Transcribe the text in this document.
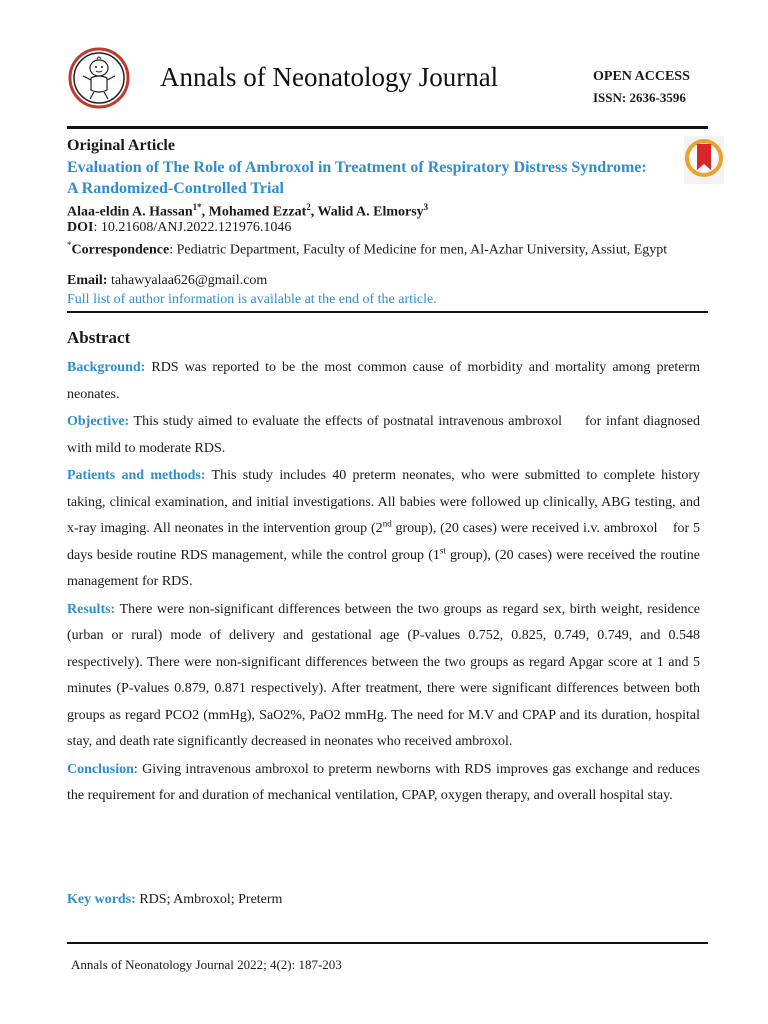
Annals of Neonatology Journal	OPEN ACCESS
ISSN: 2636-3596
Original Article
Evaluation of The Role of Ambroxol in Treatment of Respiratory Distress Syndrome: A Randomized-Controlled Trial
Alaa-eldin A. Hassan$^{1*}$, Mohamed Ezzat$^2$, Walid A. Elmorsy$^3$
DOI: 10.21608/ANJ.2022.121976.1046
*Correspondence: Pediatric Department, Faculty of Medicine for men, Al-Azhar University, Assiut, Egypt
Email: tahawyalaa626@gmail.com
Full list of author information is available at the end of the article.
Abstract

Background: RDS was reported to be the most common cause of morbidity and mortality among preterm neonates.

Objective: This study aimed to evaluate the effects of postnatal intravenous ambroxol     for infant diagnosed with mild to moderate RDS.

Patients and methods: This study includes 40 preterm neonates, who were submitted to complete history taking, clinical examination, and initial investigations. All babies were followed up clinically, ABG testing, and x-ray imaging. All neonates in the intervention group (2nd group), (20 cases) were received i.v. ambroxol    for 5 days beside routine RDS management, while the control group (1st group), (20 cases) were received the routine management for RDS.

Results: There were non-significant differences between the two groups as regard sex, birth weight, residence (urban or rural) mode of delivery and gestational age (P-values 0.752, 0.825, 0.749, 0.749, and 0.548 respectively). There were non-significant differences between the two groups as regard Apgar score at 1 and 5 minutes (P-values 0.879, 0.871 respectively). After treatment, there were significant differences between both groups as regard PCO2 (mmHg), SaO2%, PaO2 mmHg. The need for M.V and CPAP and its duration, hospital stay, and death rate significantly decreased in neonates who received ambroxol.

Conclusion: Giving intravenous ambroxol to preterm newborns with RDS improves gas exchange and reduces the requirement for and duration of mechanical ventilation, CPAP, oxygen therapy, and overall hospital stay.

Key words: RDS; Ambroxol; Preterm
Annals of Neonatology Journal 2022; 4(2): 187-203
